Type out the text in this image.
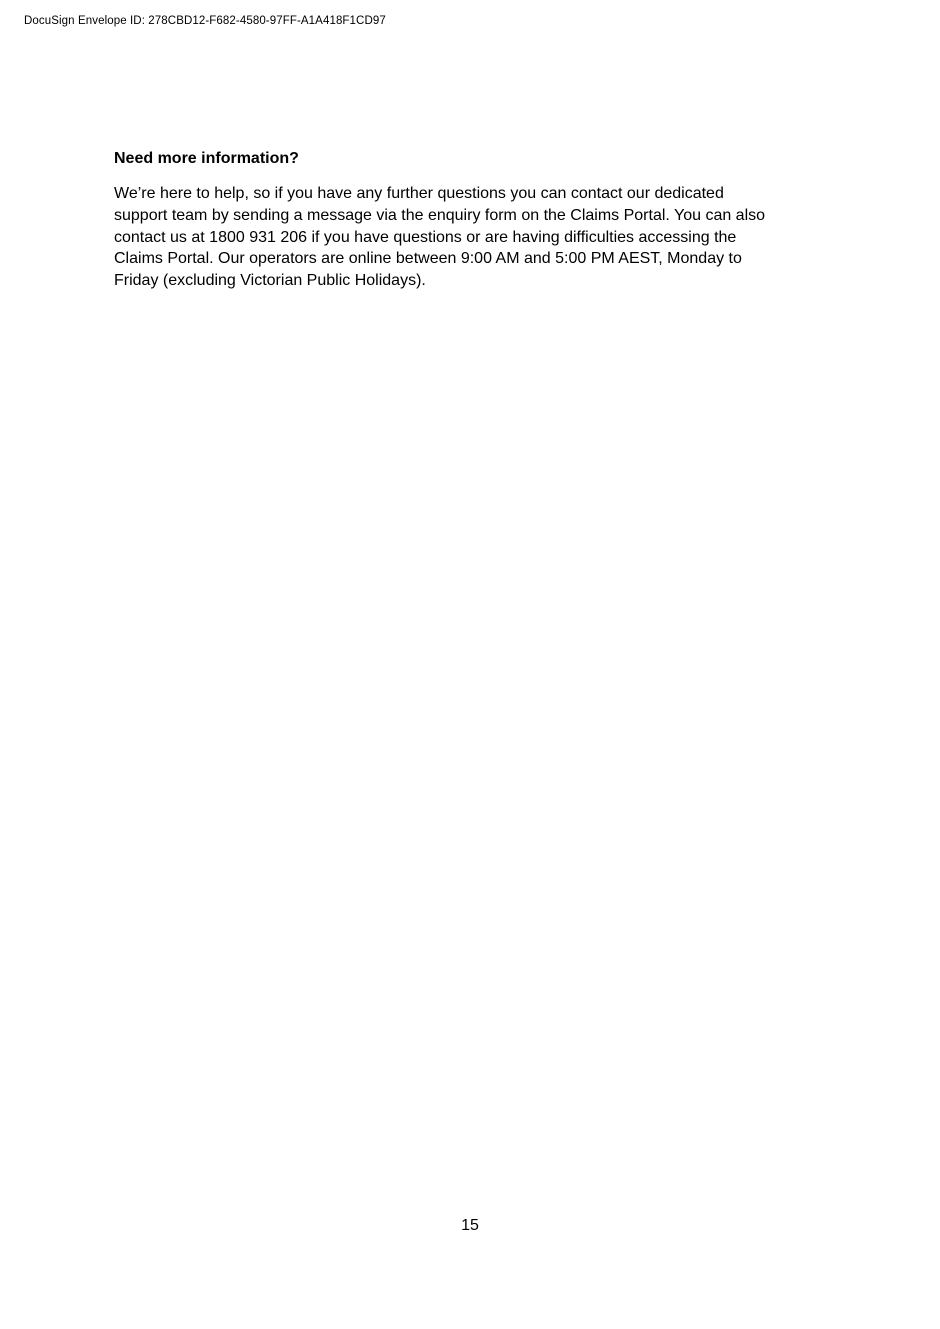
DocuSign Envelope ID: 278CBD12-F682-4580-97FF-A1A418F1CD97
Need more information?

We’re here to help, so if you have any further questions you can contact our dedicated
support team by sending a message via the enquiry form on the Claims Portal. You can also
contact us at 1800 931 206 if you have questions or are having difficulties accessing the
Claims Portal. Our operators are online between 9:00 AM and 5:00 PM AEST, Monday to
Friday (excluding Victorian Public Holidays).

15
